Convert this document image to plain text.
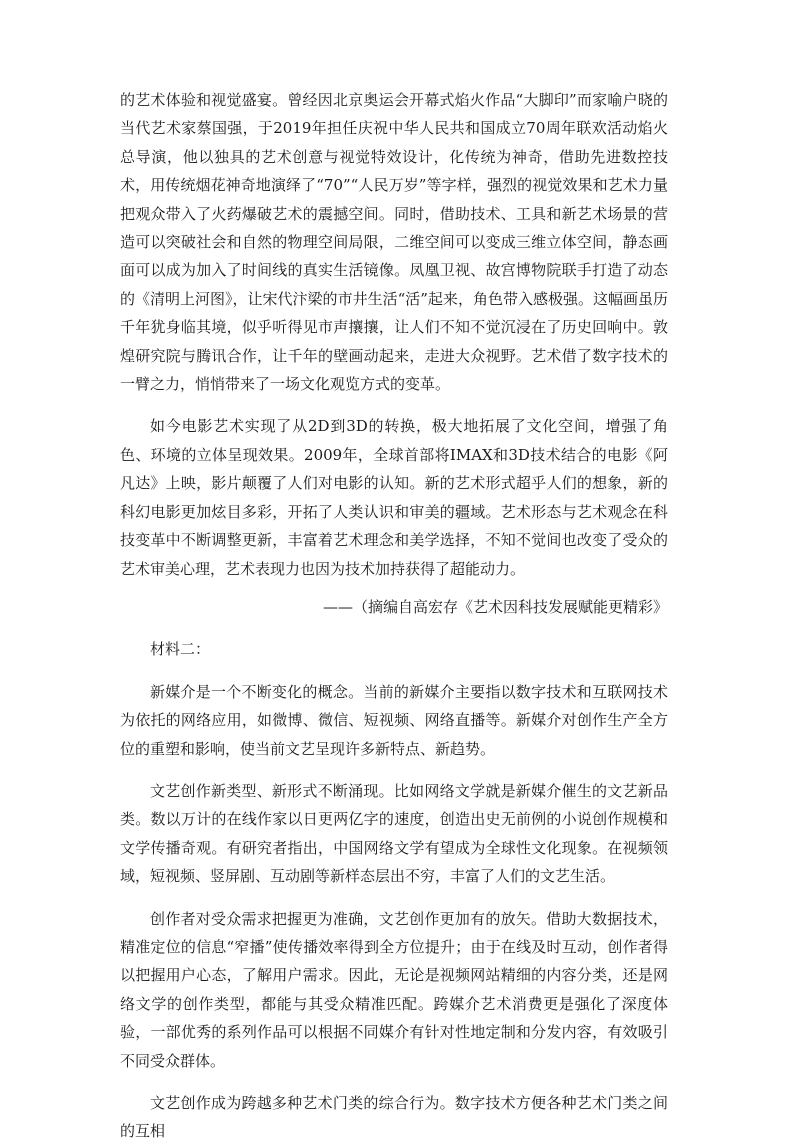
的艺术体验和视觉盛宴。曾经因北京奥运会开幕式焰火作品“大脚印”而家喻户晓的当代艺术家蔡国强，于2019年担任庆祝中华人民共和国成立70周年联欢活动焰火总导演，他以独具的艺术创意与视觉特效设计，化传统为神奇，借助先进数控技术，用传统烟花神奇地演绎了“70”“人民万岁”等字样，强烈的视觉效果和艺术力量把观众带入了火药爆破艺术的震撼空间。同时，借助技术、工具和新艺术场景的营造可以突破社会和自然的物理空间局限，二维空间可以变成三维立体空间，静态画面可以成为加入了时间线的真实生活镜像。凤凰卫视、故宫博物院联手打造了动态的《清明上河图》，让宋代汴梁的市井生活“活”起来，角色带入感极强。这幅画虽历千年犹身临其境，似乎听得见市声攘攘，让人们不知不觉沉浸在了历史回响中。敦煌研究院与腾讯合作，让千年的壁画动起来，走进大众视野。艺术借了数字技术的一臂之力，悄悄带来了一场文化观览方式的变革。

如今电影艺术实现了从2D到3D的转换，极大地拓展了文化空间，增强了角色、环境的立体呈现效果。2009年，全球首部将IMAX和3D技术结合的电影《阿凡达》上映，影片颠覆了人们对电影的认知。新的艺术形式超乎人们的想象，新的科幻电影更加炫目多彩，开拓了人类认识和审美的疆域。艺术形态与艺术观念在科技变革中不断调整更新，丰富着艺术理念和美学选择，不知不觉间也改变了受众的艺术审美心理，艺术表现力也因为技术加持获得了超能动力。

——（摘编自高宏存《艺术因科技发展赋能更精彩》

材料二：

新媒介是一个不断变化的概念。当前的新媒介主要指以数字技术和互联网技术为依托的网络应用，如微博、微信、短视频、网络直播等。新媒介对创作生产全方位的重塑和影响，使当前文艺呈现许多新特点、新趋势。

文艺创作新类型、新形式不断涌现。比如网络文学就是新媒介催生的文艺新品类。数以万计的在线作家以日更两亿字的速度，创造出史无前例的小说创作规模和文学传播奇观。有研究者指出，中国网络文学有望成为全球性文化现象。在视频领域，短视频、竖屏剧、互动剧等新样态层出不穷，丰富了人们的文艺生活。

创作者对受众需求把握更为准确，文艺创作更加有的放矢。借助大数据技术，精准定位的信息“窄播”使传播效率得到全方位提升；由于在线及时互动，创作者得以把握用户心态，了解用户需求。因此，无论是视频网站精细的内容分类，还是网络文学的创作类型，都能与其受众精准匹配。跨媒介艺术消费更是强化了深度体验，一部优秀的系列作品可以根据不同媒介有针对性地定制和分发内容，有效吸引不同受众群体。

文艺创作成为跨越多种艺术门类的综合行为。数字技术方便各种艺术门类之间的互相
